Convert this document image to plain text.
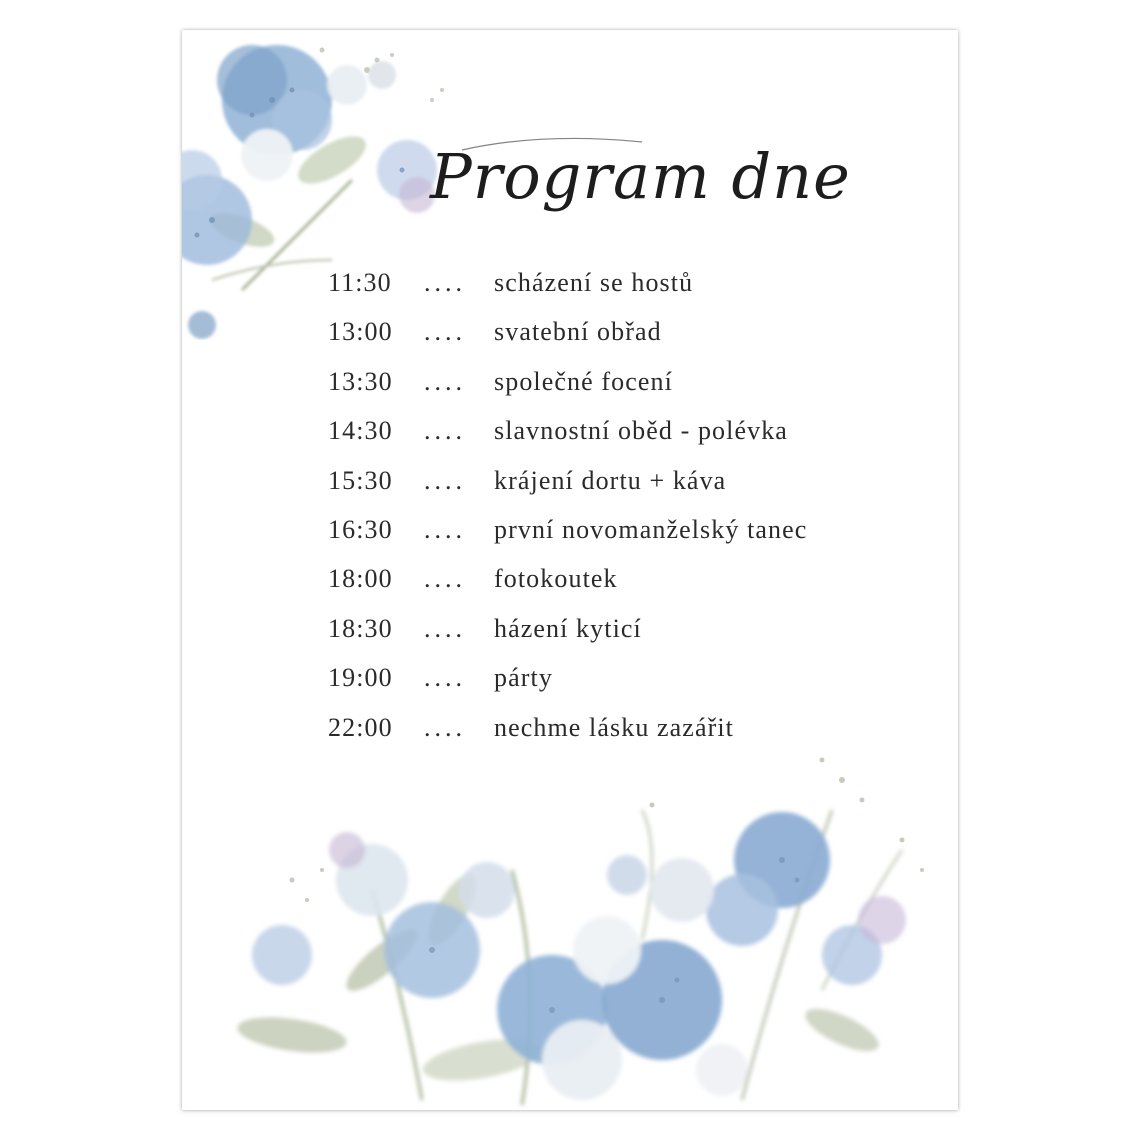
Program dne
11:30	....	scházení se hostů
13:00	....	svatební obřad
13:30	....	společné focení
14:30	....	slavnostní oběd - polévka
15:30	....	krájení dortu + káva
16:30	....	první novomanželský tanec
18:00	....	fotokoutek
18:30	....	házení kyticí
19:00	....	párty
22:00	....	nechme lásku zazářit
